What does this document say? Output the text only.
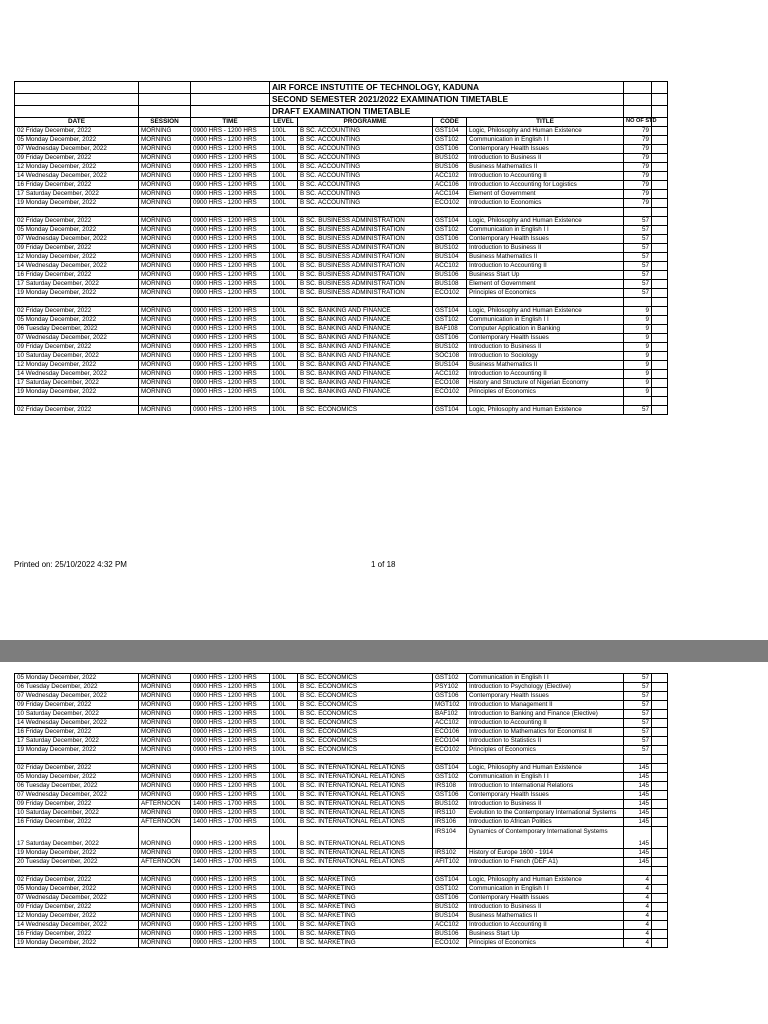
			AIR FORCE INSTUTITE OF TECHNOLOGY, KADUNA					
			SECOND SEMESTER 2021/2022 EXAMINATION TIMETABLE					
			DRAFT EXAMINATION TIMETABLE					
DATE	SESSION	TIME	LEVEL	PROGRAMME	CODE	TITLE	NO OF STD	
02 Friday December, 2022	MORNING	0900 HRS - 1200 HRS	100L	B SC. ACCOUNTING	GST104	Logic, Philosophy and Human Existence	79	
05 Monday December, 2022	MORNING	0900 HRS - 1200 HRS	100L	B SC. ACCOUNTING	GST102	Communication in English I I	79	
07 Wednesday December, 2022	MORNING	0900 HRS - 1200 HRS	100L	B SC. ACCOUNTING	GST106	Contemporary Health Issues	79	
09 Friday December, 2022	MORNING	0900 HRS - 1200 HRS	100L	B SC. ACCOUNTING	BUS102	Introduction to Business II	79	
12 Monday December, 2022	MORNING	0900 HRS - 1200 HRS	100L	B SC. ACCOUNTING	BUS106	Business Mathematics II	79	
14 Wednesday December, 2022	MORNING	0900 HRS - 1200 HRS	100L	B SC. ACCOUNTING	ACC102	Introduction to Accounting II	79	
16 Friday December, 2022	MORNING	0900 HRS - 1200 HRS	100L	B SC. ACCOUNTING	ACC106	Introduction to Accounting for Logistics	79	
17 Saturday December, 2022	MORNING	0900 HRS - 1200 HRS	100L	B SC. ACCOUNTING	ACC104	Element of Government	79	
19 Monday December, 2022	MORNING	0900 HRS - 1200 HRS	100L	B SC. ACCOUNTING	ECO102	Introduction to Economics	79	

02 Friday December, 2022	MORNING	0900 HRS - 1200 HRS	100L	B SC. BUSINESS ADMINISTRATION	GST104	Logic, Philosophy and Human Existence	57	
05 Monday December, 2022	MORNING	0900 HRS - 1200 HRS	100L	B SC. BUSINESS ADMINISTRATION	GST102	Communication in English I I	57	
07 Wednesday December, 2022	MORNING	0900 HRS - 1200 HRS	100L	B SC. BUSINESS ADMINISTRATION	GST106	Contemporary Health Issues	57	
09 Friday December, 2022	MORNING	0900 HRS - 1200 HRS	100L	B SC. BUSINESS ADMINISTRATION	BUS102	Introduction to Business II	57	
12 Monday December, 2022	MORNING	0900 HRS - 1200 HRS	100L	B SC. BUSINESS ADMINISTRATION	BUS104	Business Mathematics II	57	
14 Wednesday December, 2022	MORNING	0900 HRS - 1200 HRS	100L	B SC. BUSINESS ADMINISTRATION	ACC102	Introduction to Accounting II	57	
16 Friday December, 2022	MORNING	0900 HRS - 1200 HRS	100L	B SC. BUSINESS ADMINISTRATION	BUS106	Business Start Up	57	
17 Saturday December, 2022	MORNING	0900 HRS - 1200 HRS	100L	B SC. BUSINESS ADMINISTRATION	BUS108	Element of Government	57	
19 Monday December, 2022	MORNING	0900 HRS - 1200 HRS	100L	B SC. BUSINESS ADMINISTRATION	ECO102	Principles of Economics	57	

02 Friday December, 2022	MORNING	0900 HRS - 1200 HRS	100L	B SC. BANKING AND FINANCE	GST104	Logic, Philosophy and Human Existence	9	
05 Monday December, 2022	MORNING	0900 HRS - 1200 HRS	100L	B SC. BANKING AND FINANCE	GST102	Communication in English I I	9	
06 Tuesday December, 2022	MORNING	0900 HRS - 1200 HRS	100L	B SC. BANKING AND FINANCE	BAF108	Computer Application in Banking	9	
07 Wednesday December, 2022	MORNING	0900 HRS - 1200 HRS	100L	B SC. BANKING AND FINANCE	GST106	Contemporary Health Issues	9	
09 Friday December, 2022	MORNING	0900 HRS - 1200 HRS	100L	B SC. BANKING AND FINANCE	BUS102	Introduction to Business II	9	
10 Saturday December, 2022	MORNING	0900 HRS - 1200 HRS	100L	B SC. BANKING AND FINANCE	SOC108	Introduction to Sociology	9	
12 Monday December, 2022	MORNING	0900 HRS - 1200 HRS	100L	B SC. BANKING AND FINANCE	BUS104	Business Mathematics II	9	
14 Wednesday December, 2022	MORNING	0900 HRS - 1200 HRS	100L	B SC. BANKING AND FINANCE	ACC102	Introduction to Accounting II	9	
17 Saturday December, 2022	MORNING	0900 HRS - 1200 HRS	100L	B SC. BANKING AND FINANCE	ECO108	History and Structure of Nigerian Economy	9	
19 Monday December, 2022	MORNING	0900 HRS - 1200 HRS	100L	B SC. BANKING AND FINANCE	ECO102	Principles of Economics	9	

02 Friday December, 2022	MORNING	0900 HRS - 1200 HRS	100L	B SC. ECONOMICS	GST104	Logic, Philosophy and Human Existence	57	
Printed on: 25/10/2022 4:32 PM	1 of 18
05 Monday December, 2022	MORNING	0900 HRS - 1200 HRS	100L	B SC. ECONOMICS	GST102	Communication in English I I	57	
06 Tuesday December, 2022	MORNING	0900 HRS - 1200 HRS	100L	B SC. ECONOMICS	PSY102	Introduction to Psychology (Elective)	57	
07 Wednesday December, 2022	MORNING	0900 HRS - 1200 HRS	100L	B SC. ECONOMICS	GST106	Contemporary Health Issues	57	
09 Friday December, 2022	MORNING	0900 HRS - 1200 HRS	100L	B SC. ECONOMICS	MGT102	Introduction to Management II	57	
10 Saturday December, 2022	MORNING	0900 HRS - 1200 HRS	100L	B SC. ECONOMICS	BAF102	Introduction to Banking and Finance (Elective)	57	
14 Wednesday December, 2022	MORNING	0900 HRS - 1200 HRS	100L	B SC. ECONOMICS	ACC102	Introduction to Accounting II	57	
16 Friday December, 2022	MORNING	0900 HRS - 1200 HRS	100L	B SC. ECONOMICS	ECO106	Introduction to Mathematics for Economist II	57	
17 Saturday December, 2022	MORNING	0900 HRS - 1200 HRS	100L	B SC. ECONOMICS	ECO104	Introduction to Statistics II	57	
19 Monday December, 2022	MORNING	0900 HRS - 1200 HRS	100L	B SC. ECONOMICS	ECO102	Principles of Economics	57	

02 Friday December, 2022	MORNING	0900 HRS - 1200 HRS	100L	B SC. INTERNATIONAL RELATIONS	GST104	Logic, Philosophy and Human Existence	145	
05 Monday December, 2022	MORNING	0900 HRS - 1200 HRS	100L	B SC. INTERNATIONAL RELATIONS	GST102	Communication in English I I	145	
06 Tuesday December, 2022	MORNING	0900 HRS - 1200 HRS	100L	B SC. INTERNATIONAL RELATIONS	IRS108	Introduction to International Relations	145	
07 Wednesday December, 2022	MORNING	0900 HRS - 1200 HRS	100L	B SC. INTERNATIONAL RELATIONS	GST106	Contemporary Health Issues	145	
09 Friday December, 2022	AFTERNOON	1400 HRS - 1700 HRS	100L	B SC. INTERNATIONAL RELATIONS	BUS102	Introduction to Business II	145	
10 Saturday December, 2022	MORNING	0900 HRS - 1200 HRS	100L	B SC. INTERNATIONAL RELATIONS	IRS110	Evolution to the Contemporary International Systems	145	
16 Friday December, 2022	AFTERNOON	1400 HRS - 1700 HRS	100L	B SC. INTERNATIONAL RELATIONS	IRS106	Introduction to African Politics	145	
17 Saturday December, 2022	MORNING	0900 HRS - 1200 HRS	100L	B SC. INTERNATIONAL RELATIONS	IRS104	Dynamics of Contemporary International Systems	145	
19 Monday December, 2022	MORNING	0900 HRS - 1200 HRS	100L	B SC. INTERNATIONAL RELATIONS	IRS102	History of Europe 1600 - 1914	145	
20 Tuesday December, 2022	AFTERNOON	1400 HRS - 1700 HRS	100L	B SC. INTERNATIONAL RELATIONS	AFIT102	Introduction to French (DEF A1)	145	

02 Friday December, 2022	MORNING	0900 HRS - 1200 HRS	100L	B SC. MARKETING	GST104	Logic, Philosophy and Human Existence	4	
05 Monday December, 2022	MORNING	0900 HRS - 1200 HRS	100L	B SC. MARKETING	GST102	Communication in English I I	4	
07 Wednesday December, 2022	MORNING	0900 HRS - 1200 HRS	100L	B SC. MARKETING	GST106	Contemporary Health Issues	4	
09 Friday December, 2022	MORNING	0900 HRS - 1200 HRS	100L	B SC. MARKETING	BUS102	Introduction to Business II	4	
12 Monday December, 2022	MORNING	0900 HRS - 1200 HRS	100L	B SC. MARKETING	BUS104	Business Mathematics II	4	
14 Wednesday December, 2022	MORNING	0900 HRS - 1200 HRS	100L	B SC. MARKETING	ACC102	Introduction to Accounting II	4	
16 Friday December, 2022	MORNING	0900 HRS - 1200 HRS	100L	B SC. MARKETING	BUS106	Business Start Up	4	
19 Monday December, 2022	MORNING	0900 HRS - 1200 HRS	100L	B SC. MARKETING	ECO102	Principles of Economics	4	
